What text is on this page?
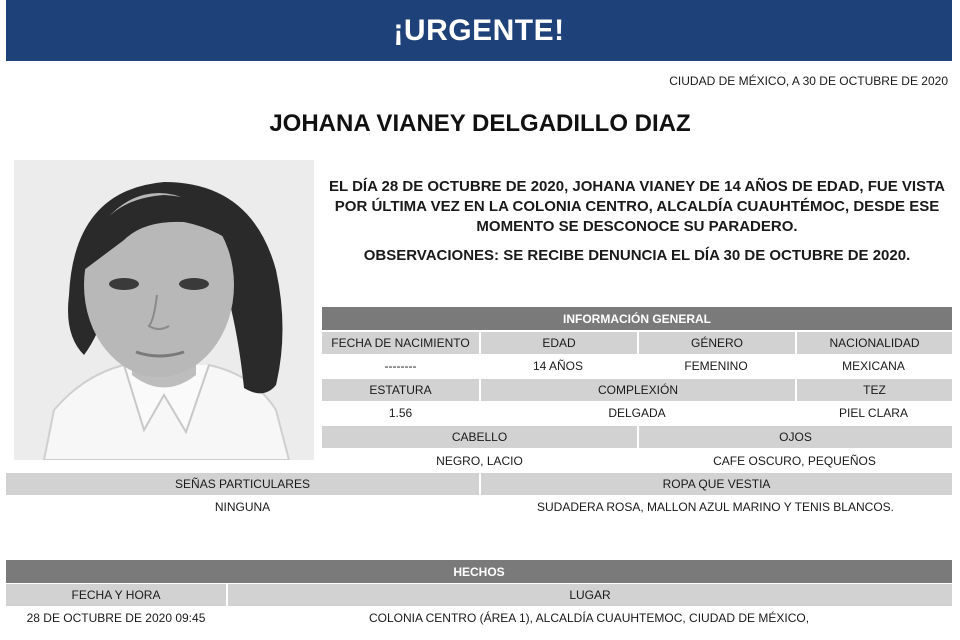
¡URGENTE!
CIUDAD DE MÉXICO, A 30 DE OCTUBRE DE 2020
JOHANA VIANEY DELGADILLO DIAZ
EL DÍA 28 DE OCTUBRE DE 2020, JOHANA VIANEY DE 14 AÑOS DE EDAD, FUE VISTA POR ÚLTIMA VEZ EN LA COLONIA CENTRO, ALCALDÍA CUAUHTÉMOC, DESDE ESE MOMENTO SE DESCONOCE SU PARADERO.
OBSERVACIONES: SE RECIBE DENUNCIA EL DÍA 30 DE OCTUBRE DE 2020.
INFORMACIÓN GENERAL
FECHA DE NACIMIENTO	EDAD	GÉNERO	NACIONALIDAD
--------	14 AÑOS	FEMENINO	MEXICANA
ESTATURA	COMPLEXIÓN	TEZ
1.56	DELGADA	PIEL CLARA
CABELLO	OJOS
NEGRO, LACIO	CAFE OSCURO, PEQUEÑOS
SEÑAS PARTICULARES	ROPA QUE VESTIA
NINGUNA	SUDADERA ROSA, MALLON AZUL MARINO Y TENIS BLANCOS.
HECHOS
FECHA Y HORA	LUGAR
28 DE OCTUBRE DE 2020 09:45	COLONIA CENTRO (ÁREA 1), ALCALDÍA CUAUHTEMOC, CIUDAD DE MÉXICO,
